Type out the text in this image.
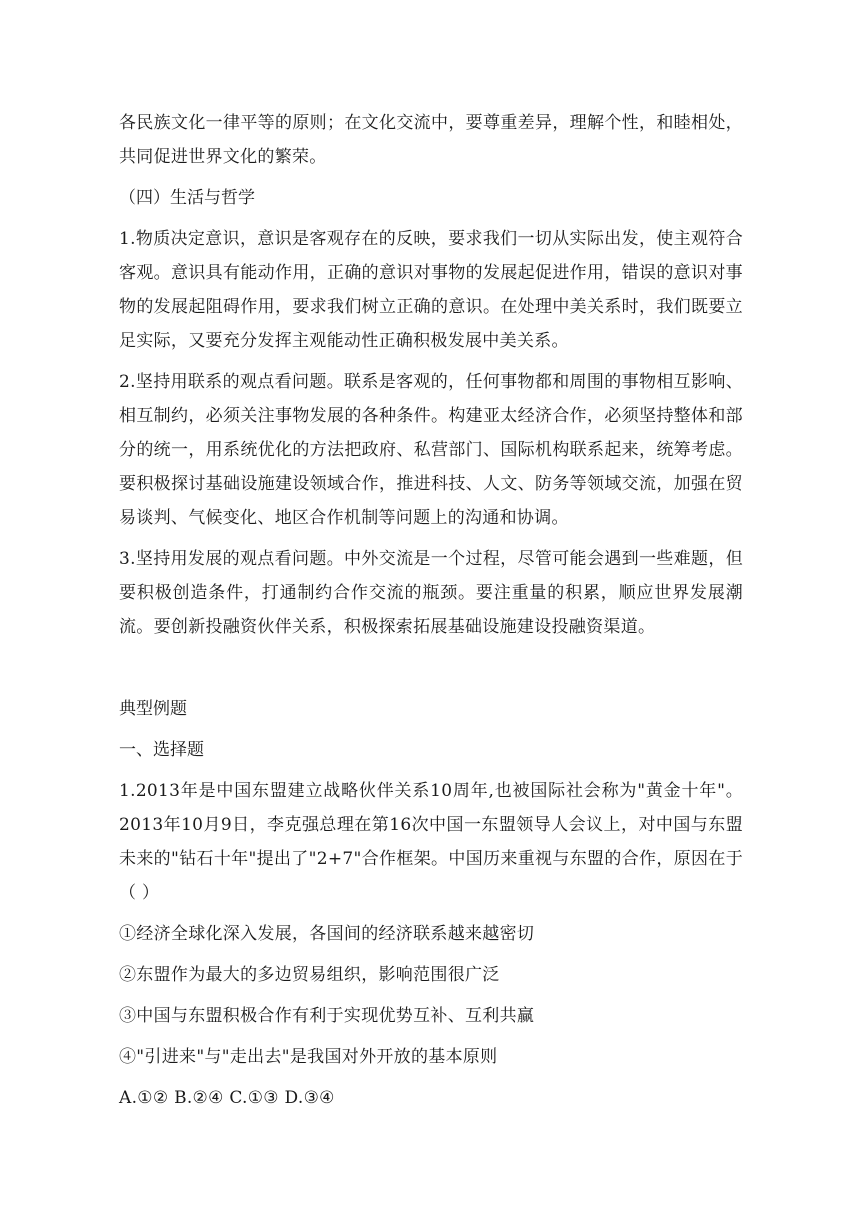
各民族文化一律平等的原则；在文化交流中，要尊重差异，理解个性，和睦相处，共同促进世界文化的繁荣。

（四）生活与哲学

1.物质决定意识，意识是客观存在的反映，要求我们一切从实际出发，使主观符合客观。意识具有能动作用，正确的意识对事物的发展起促进作用，错误的意识对事物的发展起阻碍作用，要求我们树立正确的意识。在处理中美关系时，我们既要立足实际，又要充分发挥主观能动性正确积极发展中美关系。

2.坚持用联系的观点看问题。联系是客观的，任何事物都和周围的事物相互影响、相互制约，必须关注事物发展的各种条件。构建亚太经济合作，必须坚持整体和部分的统一，用系统优化的方法把政府、私营部门、国际机构联系起来，统筹考虑。要积极探讨基础设施建设领域合作，推进科技、人文、防务等领域交流，加强在贸易谈判、气候变化、地区合作机制等问题上的沟通和协调。

3.坚持用发展的观点看问题。中外交流是一个过程，尽管可能会遇到一些难题，但要积极创造条件，打通制约合作交流的瓶颈。要注重量的积累，顺应世界发展潮流。要创新投融资伙伴关系，积极探索拓展基础设施建设投融资渠道。

典型例题

一、选择题

1.2013年是中国东盟建立战略伙伴关系10周年,也被国际社会称为"黄金十年"。2013年10月9日，李克强总理在第16次中国一东盟领导人会议上，对中国与东盟未来的"钻石十年"提出了"2+7"合作框架。中国历来重视与东盟的合作，原因在于（ ）

①经济全球化深入发展，各国间的经济联系越来越密切

②东盟作为最大的多边贸易组织，影响范围很广泛

③中国与东盟积极合作有利于实现优势互补、互利共赢

④"引进来"与"走出去"是我国对外开放的基本原则

A.①② B.②④ C.①③ D.③④
